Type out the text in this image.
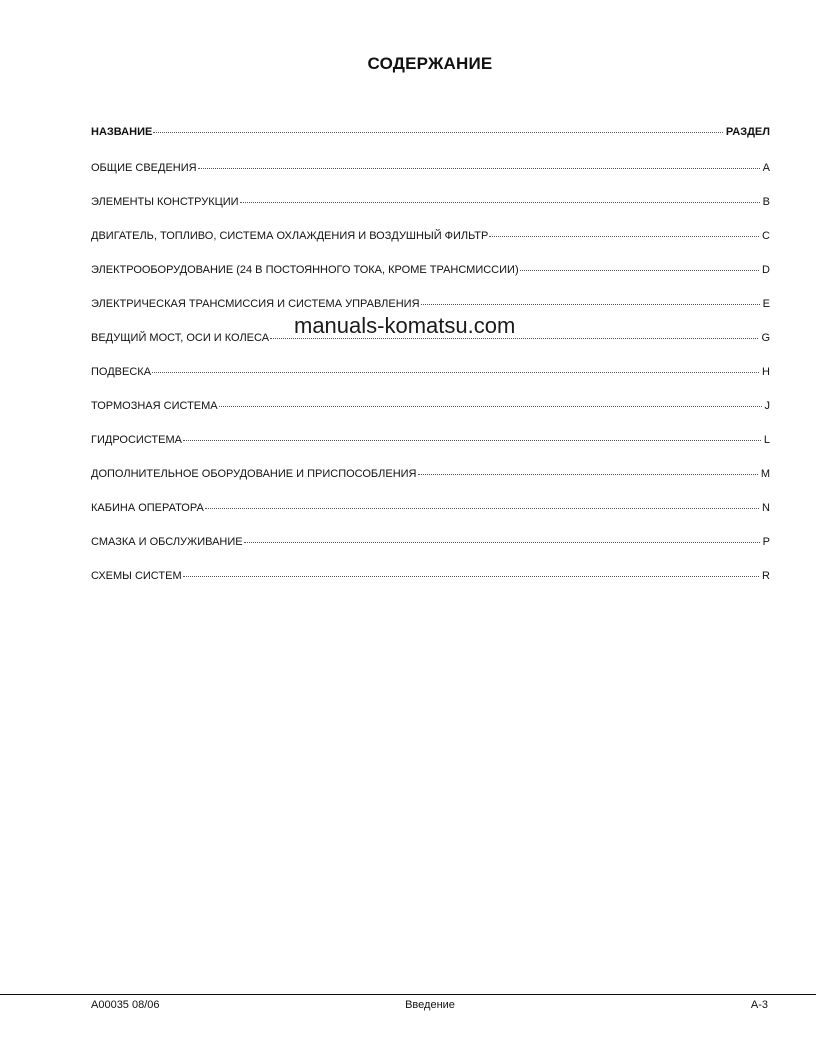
СОДЕРЖАНИЕ
НАЗВАНИЕ	РАЗДЕЛ
ОБЩИЕ СВЕДЕНИЯ	A
ЭЛЕМЕНТЫ КОНСТРУКЦИИ	B
ДВИГАТЕЛЬ, ТОПЛИВО, СИСТЕМА ОХЛАЖДЕНИЯ И ВОЗДУШНЫЙ ФИЛЬТР	C
ЭЛЕКТРООБОРУДОВАНИЕ (24 В ПОСТОЯННОГО ТОКА, КРОМЕ ТРАНСМИССИИ)	D
ЭЛЕКТРИЧЕСКАЯ ТРАНСМИССИЯ И СИСТЕМА УПРАВЛЕНИЯ	E
ВЕДУЩИЙ МОСТ, ОСИ И КОЛЕСА	G
ПОДВЕСКА	H
ТОРМОЗНАЯ СИСТЕМА	J
ГИДРОСИСТЕМА	L
ДОПОЛНИТЕЛЬНОЕ ОБОРУДОВАНИЕ И ПРИСПОСОБЛЕНИЯ	M
КАБИНА ОПЕРАТОРА	N
СМАЗКА И ОБСЛУЖИВАНИЕ	P
СХЕМЫ СИСТЕМ	R
manuals-komatsu.com
A00035 08/06	Введение	A-3
